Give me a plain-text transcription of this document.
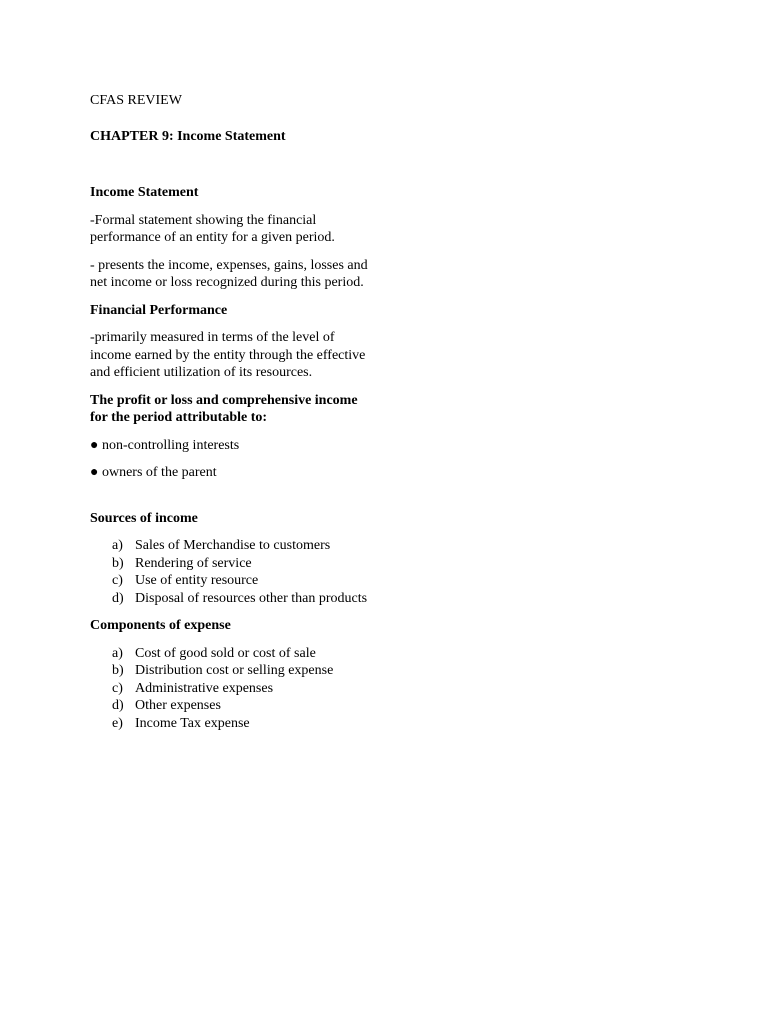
CFAS REVIEW

CHAPTER 9: Income Statement

Income Statement

-Formal statement showing the financial performance of an entity for a given period.

- presents the income, expenses, gains, losses and net income or loss recognized during this period.

Financial Performance

-primarily measured in terms of the level of income earned by the entity through the effective and efficient utilization of its resources.

The profit or loss and comprehensive income for the period attributable to:

● non-controlling interests

● owners of the parent

Sources of income

a) Sales of Merchandise to customers
b) Rendering of service
c) Use of entity resource
d) Disposal of resources other than products

Components of expense

a) Cost of good sold or cost of sale
b) Distribution cost or selling expense
c) Administrative expenses
d) Other expenses
e) Income Tax expense
